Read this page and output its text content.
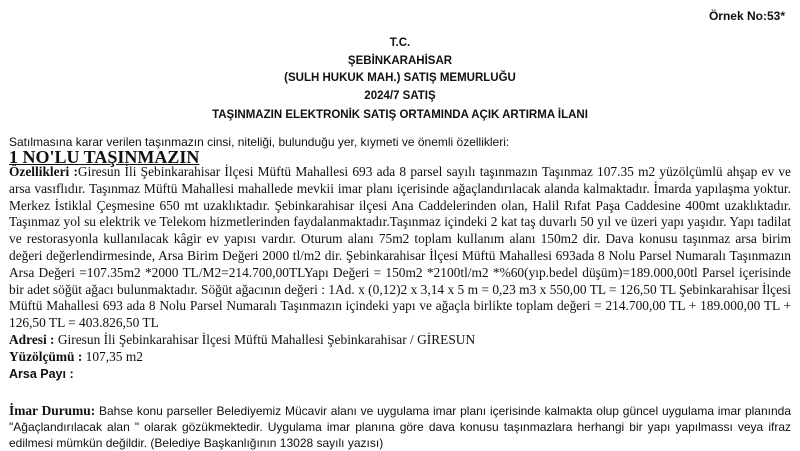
Örnek No:53*
T.C.
ŞEBİNKARAHİSAR
(SULH HUKUK MAH.) SATIŞ MEMURLUĞU
2024/7 SATIŞ
TAŞINMAZIN ELEKTRONİK SATIŞ ORTAMINDA AÇIK ARTIRMA İLANI
Satılmasına karar verilen taşınmazın cinsi, niteliği, bulunduğu yer, kıymeti ve önemli özellikleri:
1 NO'LU TAŞINMAZIN

Özellikleri :Giresun İli Şebinkarahisar İlçesi Müftü Mahallesi 693 ada 8 parsel sayılı taşınmazın Taşınmaz 107.35 m2 yüzölçümlü ahşap ev ve arsa vasıflıdır. Taşınmaz Müftü Mahallesi mahallede mevkii imar planı içerisinde ağaçlandırılacak alanda kalmaktadır. İmarda yapılaşma yoktur. Merkez İstiklal Çeşmesine 650 mt uzaklıktadır. Şebinkarahisar ilçesi Ana Caddelerinden olan, Halil Rıfat Paşa Caddesine 400mt uzaklıktadır. Taşınmaz yol su elektrik ve Telekom hizmetlerinden faydalanmaktadır.Taşınmaz içindeki 2 kat taş duvarlı 50 yıl ve üzeri yapı yaşıdır. Yapı tadilat ve restorasyonla kullanılacak kâgir ev yapısı vardır. Oturum alanı 75m2 toplam kullanım alanı 150m2 dir. Dava konusu taşınmaz arsa birim değeri değerlendirmesinde, Arsa Birim Değeri 2000 tl/m2 dir. Şebinkarahisar İlçesi Müftü Mahallesi 693ada 8 Nolu Parsel Numaralı Taşınmazın Arsa Değeri =107.35m2 *2000 TL/M2=214.700,00TLYapı Değeri = 150m2 *2100tl/m2 *%60(yıp.bedel düşüm)=189.000,00tl Parsel içerisinde bir adet söğüt ağacı bulunmaktadır. Söğüt ağacının değeri : 1Ad. x (0,12)2 x 3,14 x 5 m = 0,23 m3 x 550,00 TL = 126,50 TL Şebinkarahisar İlçesi Müftü Mahallesi 693 ada 8 Nolu Parsel Numaralı Taşınmazın içindeki yapı ve ağaçla birlikte toplam değeri = 214.700,00 TL + 189.000,00 TL + 126,50 TL = 403.826,50 TL

Adresi : Giresun İli Şebinkarahisar İlçesi Müftü Mahallesi Şebinkarahisar / GİRESUN

Yüzölçümü : 107,35 m2

Arsa Payı :

İmar Durumu: Bahse konu parseller Belediyemiz Mücavir alanı ve uygulama imar planı içerisinde kalmakta olup güncel uygulama imar planında "Ağaçlandırılacak alan " olarak gözükmektedir. Uygulama imar planına göre dava konusu taşınmazlara herhangi bir yapı yapılmassı veya ifraz edilmesi mümkün değildir. (Belediye Başkanlığının 13028 sayılı yazısı)
